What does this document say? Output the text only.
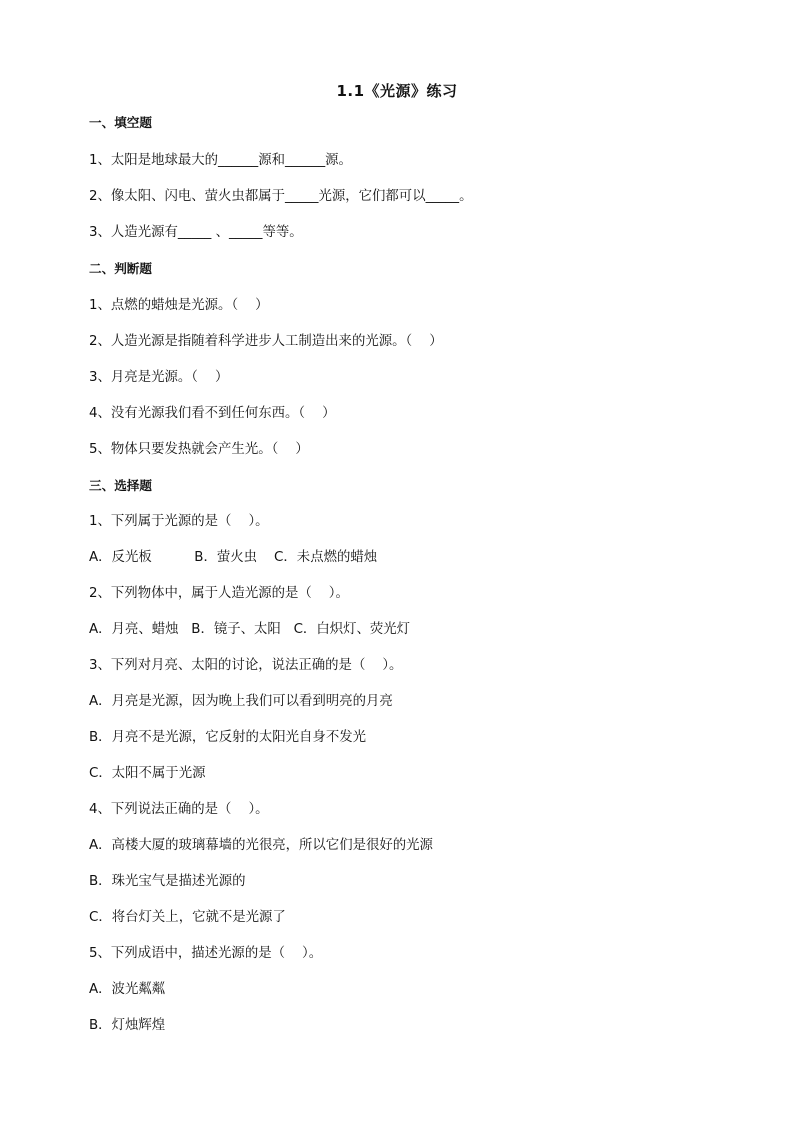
1.1《光源》练习
一、填空题
1、太阳是地球最大的______源和______源。
2、像太阳、闪电、萤火虫都属于_____光源，它们都可以_____。
3、人造光源有_____ 、_____等等。
二、判断题
1、点燃的蜡烛是光源。（    ）
2、人造光源是指随着科学进步人工制造出来的光源。（    ）
3、月亮是光源。（    ）
4、没有光源我们看不到任何东西。（    ）
5、物体只要发热就会产生光。（    ）
三、选择题
1、下列属于光源的是（    ）。
A．反光板          B．萤火虫    C．未点燃的蜡烛
2、下列物体中，属于人造光源的是（    ）。
A．月亮、蜡烛   B．镜子、太阳   C．白炽灯、荧光灯
3、下列对月亮、太阳的讨论，说法正确的是（    ）。
A．月亮是光源，因为晚上我们可以看到明亮的月亮
B．月亮不是光源，它反射的太阳光自身不发光
C．太阳不属于光源
4、下列说法正确的是（    ）。
A．高楼大厦的玻璃幕墙的光很亮，所以它们是很好的光源
B．珠光宝气是描述光源的
C．将台灯关上，它就不是光源了
5、下列成语中，描述光源的是（    ）。
A．波光粼粼
B．灯烛辉煌
